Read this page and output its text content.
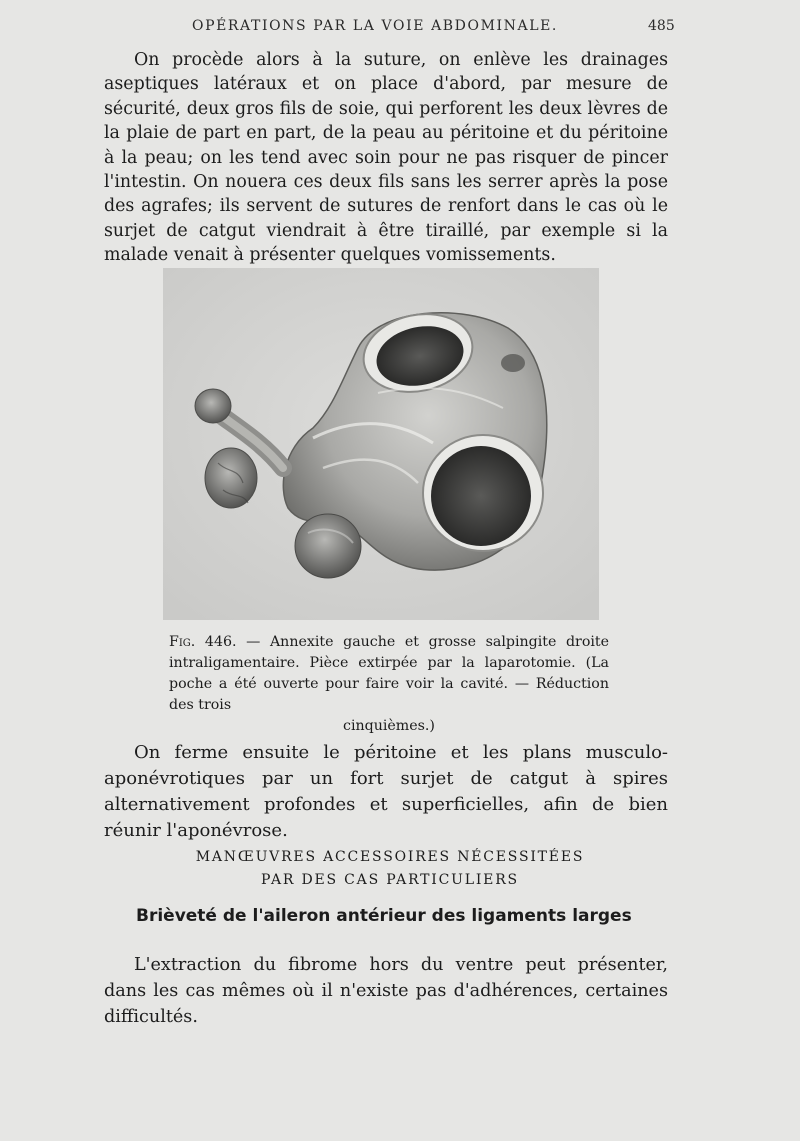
OPÉRATIONS PAR LA VOIE ABDOMINALE.	485

On procède alors à la suture, on enlève les drainages aseptiques latéraux et on place d'abord, par mesure de sécurité, deux gros fils de soie, qui perforent les deux lèvres de la plaie de part en part, de la peau au péritoine et du péritoine à la peau; on les tend avec soin pour ne pas risquer de pincer l'intestin. On nouera ces deux fils sans les serrer après la pose des agrafes; ils servent de sutures de renfort dans le cas où le surjet de catgut viendrait à être tiraillé, par exemple si la malade venait à présenter quelques vomissements.

Fig. 446. — Annexite gauche et grosse salpingite droite intraligamentaire. Pièce extirpée par la laparotomie. (La poche a été ouverte pour faire voir la cavité. — Réduction des trois
cinquièmes.)

On ferme ensuite le péritoine et les plans musculo-aponévrotiques par un fort surjet de catgut à spires alternativement profondes et superficielles, afin de bien réunir l'aponévrose.

MANŒUVRES ACCESSOIRES NÉCESSITÉES
PAR DES CAS PARTICULIERS
Brièveté de l'aileron antérieur des ligaments larges

L'extraction du fibrome hors du ventre peut présenter, dans les cas mêmes où il n'existe pas d'adhérences, certaines difficultés.
